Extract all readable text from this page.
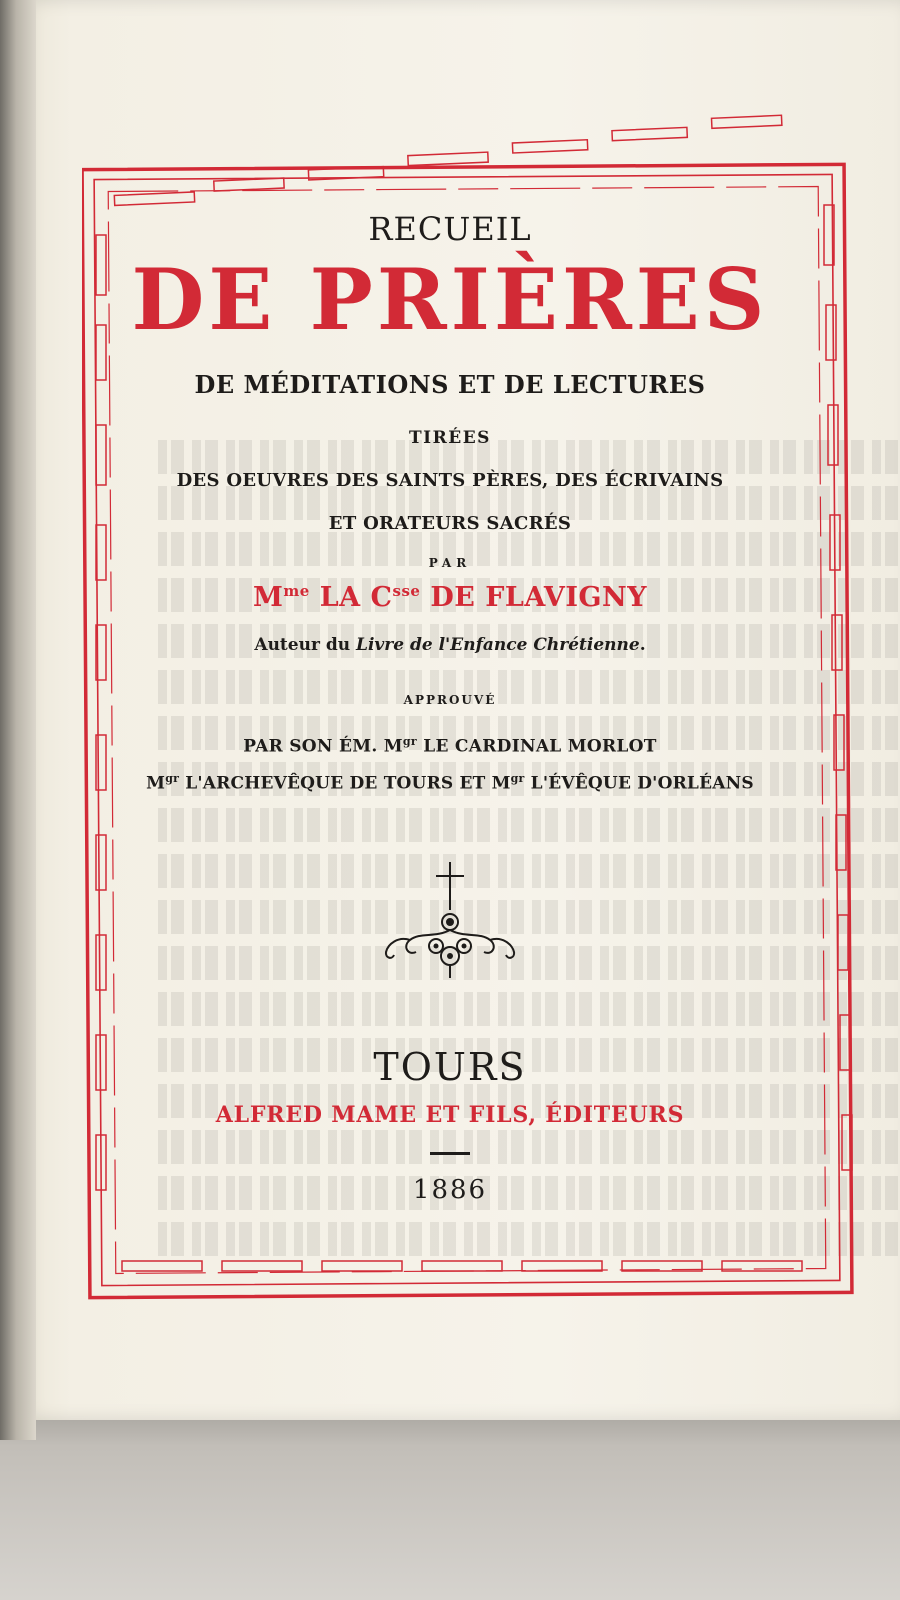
RECUEIL
DE PRIÈRES
DE MÉDITATIONS ET DE LECTURES
TIRÉES
DES OEUVRES DES SAINTS PÈRES, DES ÉCRIVAINS
ET ORATEURS SACRÉS
PAR
$M^{me}$ LA $C^{sse}$ DE FLAVIGNY
Auteur du Livre de l'Enfance Chrétienne.
APPROUVÉ
PAR SON ÉM. $M^{gr}$ LE CARDINAL MORLOT
$M^{gr}$ L'ARCHEVÊQUE DE TOURS ET $M^{gr}$ L'ÉVÊQUE D'ORLÉANS
TOURS
ALFRED MAME ET FILS, ÉDITEURS
1886
